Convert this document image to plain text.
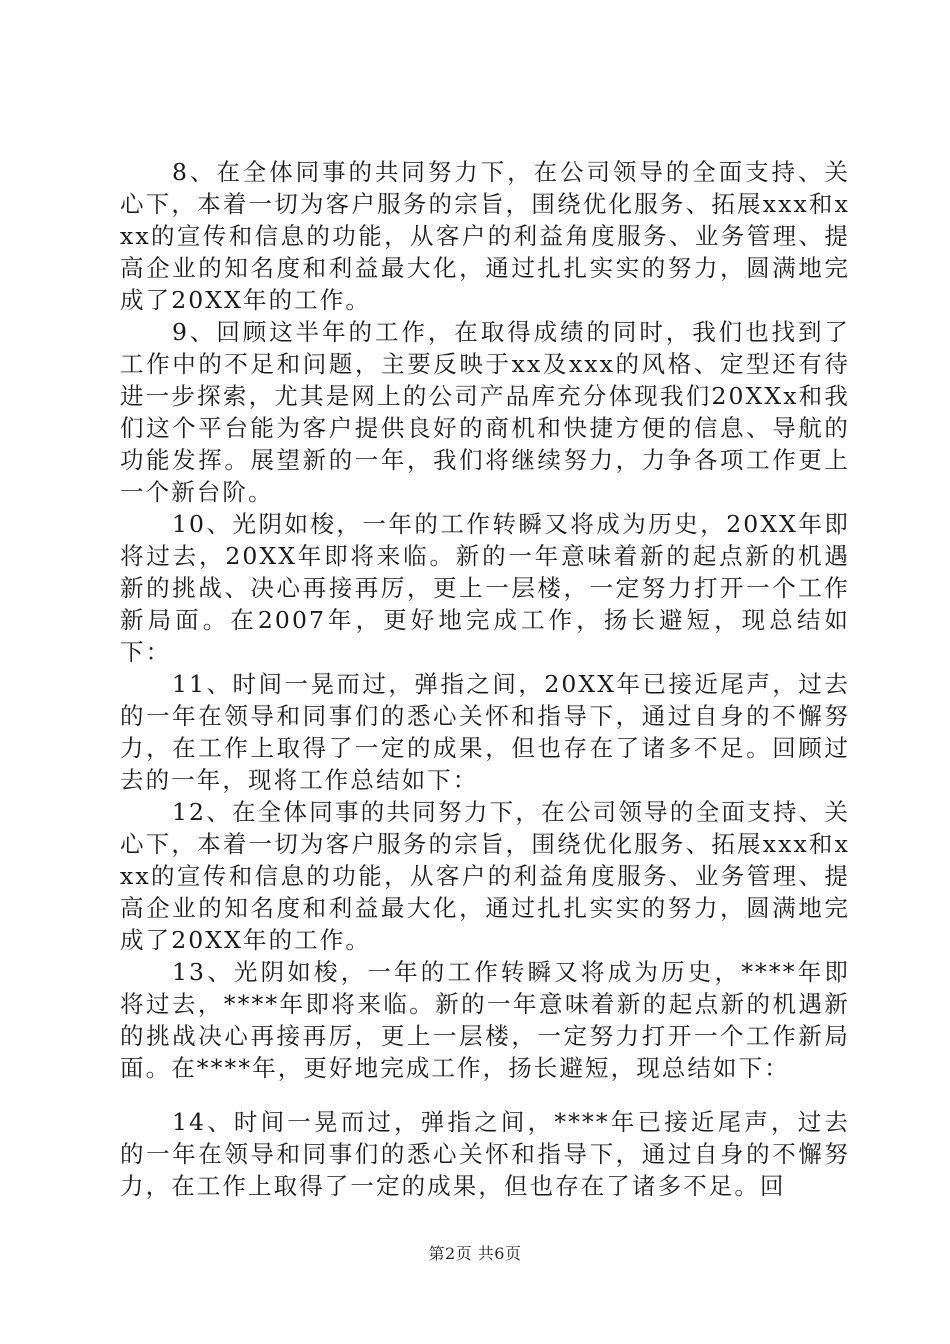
8、在全体同事的共同努力下，在公司领导的全面支持、关心下，本着一切为客户服务的宗旨，围绕优化服务、拓展xxx和xxx的宣传和信息的功能，从客户的利益角度服务、业务管理、提高企业的知名度和利益最大化，通过扎扎实实的努力，圆满地完成了20XX年的工作。

9、回顾这半年的工作，在取得成绩的同时，我们也找到了工作中的不足和问题，主要反映于xx及xxx的风格、定型还有待进一步探索，尤其是网上的公司产品库充分体现我们20XXx和我们这个平台能为客户提供良好的商机和快捷方便的信息、导航的功能发挥。展望新的一年，我们将继续努力，力争各项工作更上一个新台阶。

10、光阴如梭，一年的工作转瞬又将成为历史，20XX年即将过去，20XX年即将来临。新的一年意味着新的起点新的机遇新的挑战、决心再接再厉，更上一层楼，一定努力打开一个工作新局面。在2007年，更好地完成工作，扬长避短，现总结如下：

11、时间一晃而过，弹指之间，20XX年已接近尾声，过去的一年在领导和同事们的悉心关怀和指导下，通过自身的不懈努力，在工作上取得了一定的成果，但也存在了诸多不足。回顾过去的一年，现将工作总结如下：

12、在全体同事的共同努力下，在公司领导的全面支持、关心下，本着一切为客户服务的宗旨，围绕优化服务、拓展xxx和xxx的宣传和信息的功能，从客户的利益角度服务、业务管理、提高企业的知名度和利益最大化，通过扎扎实实的努力，圆满地完成了20XX年的工作。

13、光阴如梭，一年的工作转瞬又将成为历史，****年即将过去，****年即将来临。新的一年意味着新的起点新的机遇新的挑战决心再接再厉，更上一层楼，一定努力打开一个工作新局面。在****年，更好地完成工作，扬长避短，现总结如下：

14、时间一晃而过，弹指之间，****年已接近尾声，过去的一年在领导和同事们的悉心关怀和指导下，通过自身的不懈努力，在工作上取得了一定的成果，但也存在了诸多不足。回

第2页 共6页
